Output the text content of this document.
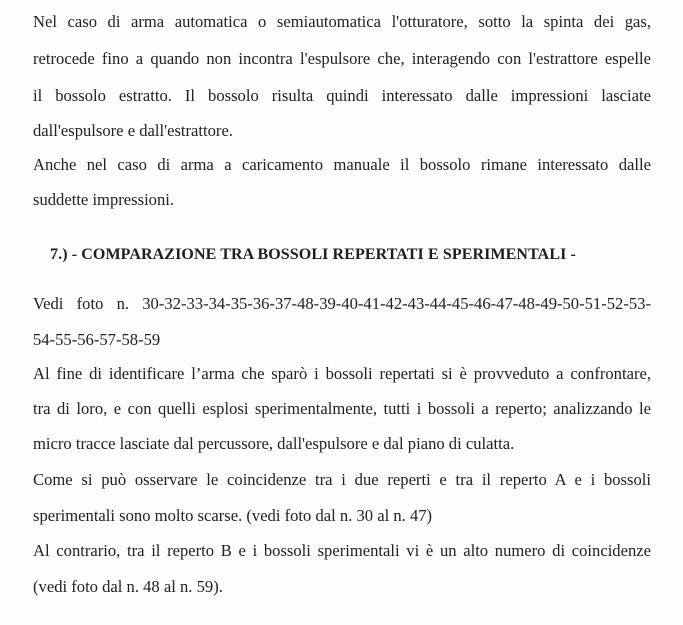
Nel caso di arma automatica o semiautomatica l'otturatore, sotto la spinta dei gas,
retrocede fino a quando non incontra l'espulsore che, interagendo con l'estrattore espelle
il bossolo estratto. Il bossolo risulta quindi interessato dalle impressioni lasciate
dall'espulsore e dall'estrattore.
Anche nel caso di arma a caricamento manuale il bossolo rimane interessato dalle
suddette impressioni.
7.) - COMPARAZIONE TRA BOSSOLI REPERTATI E SPERIMENTALI -
Vedi foto n. 30-32-33-34-35-36-37-48-39-40-41-42-43-44-45-46-47-48-49-50-51-52-53-
54-55-56-57-58-59
Al fine di identificare l’arma che sparò i bossoli repertati si è provveduto a confrontare,
tra di loro, e con quelli esplosi sperimentalmente, tutti i bossoli a reperto; analizzando le
micro tracce lasciate dal percussore, dall'espulsore e dal piano di culatta.
Come si può osservare le coincidenze tra i due reperti e tra il reperto A e i bossoli
sperimentali sono molto scarse. (vedi foto dal n. 30 al n. 47)
Al contrario, tra il reperto B e i bossoli sperimentali vi è un alto numero di coincidenze
(vedi foto dal n. 48 al n. 59).
